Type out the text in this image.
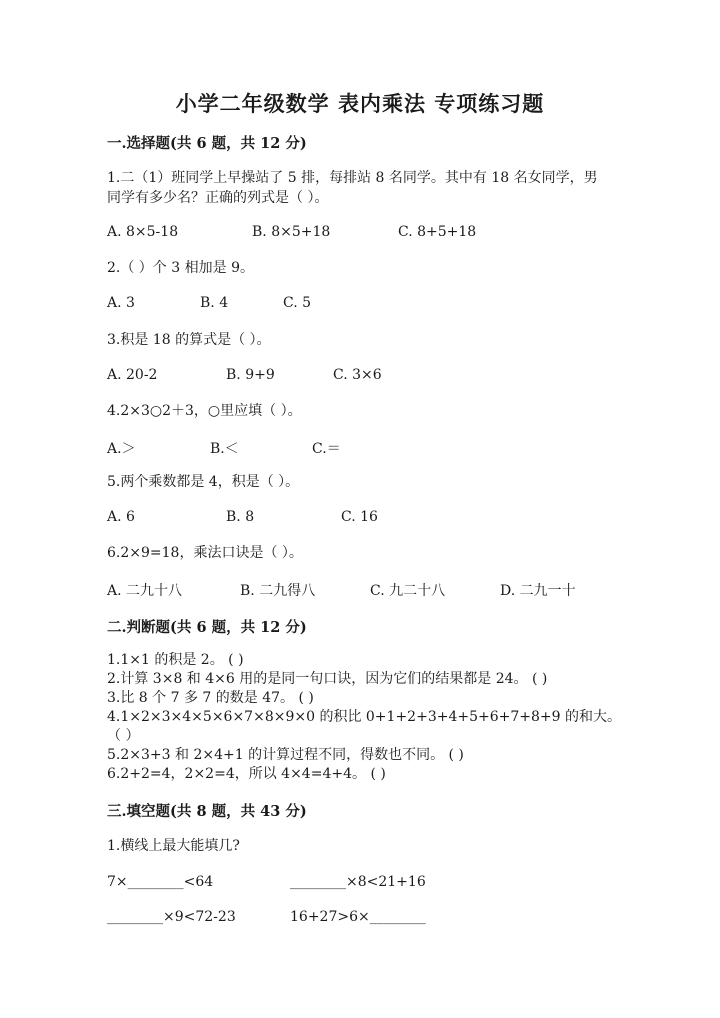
小学二年级数学 表内乘法 专项练习题
一.选择题(共 6 题，共 12 分)
1.二（1）班同学上早操站了 5 排，每排站 8 名同学。其中有 18 名女同学，男
同学有多少名？正确的列式是（ ）。
A. 8×5-18	B. 8×5+18	C. 8+5+18
2.（ ）个 3 相加是 9。
A. 3	B. 4	C. 5
3.积是 18 的算式是（ ）。
A. 20-2	B. 9+9	C. 3×6
4.2×3○2＋3，○里应填（ ）。
A.＞	B.＜	C.＝
5.两个乘数都是 4，积是（ ）。
A. 6	B. 8	C. 16
6.2×9=18，乘法口诀是（ ）。
A. 二九十八	B. 二九得八	C. 九二十八	D. 二九一十
二.判断题(共 6 题，共 12 分)
1.1×1 的积是 2。 ( )
2.计算 3×8 和 4×6 用的是同一句口诀，因为它们的结果都是 24。 ( )
3.比 8 个 7 多 7 的数是 47。 ( )
4.1×2×3×4×5×6×7×8×9×0 的积比 0+1+2+3+4+5+6+7+8+9 的和大。
（ ）
5.2×3+3 和 2×4+1 的计算过程不同，得数也不同。 ( )
6.2+2=4，2×2=4，所以 4×4=4+4。 ( )
三.填空题(共 8 题，共 43 分)
1.横线上最大能填几?
7×________<64	________×8<21+16
________×9<72-23	16+27>6×________
